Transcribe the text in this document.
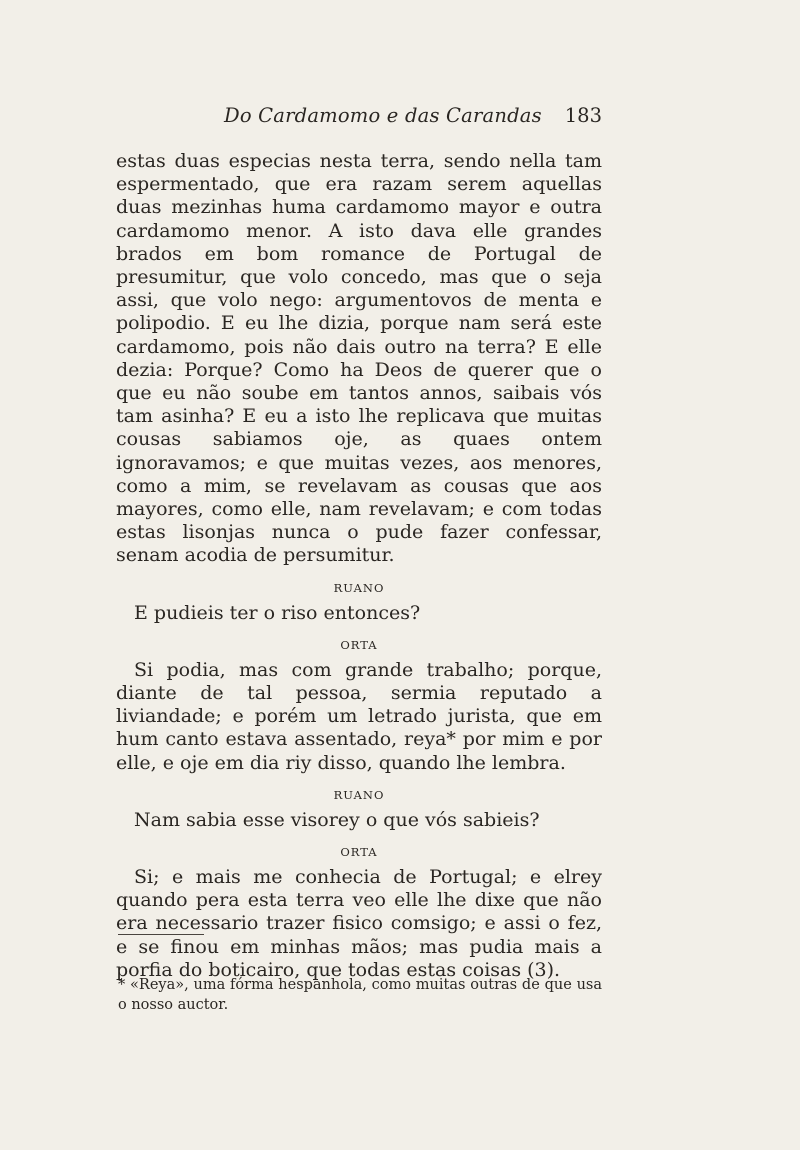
Do Cardamomo e das Carandas 183

estas duas especias nesta terra, sendo nella tam espermentado, que era razam serem aquellas duas mezinhas huma cardamomo mayor e outra cardamomo menor. A isto dava elle grandes brados em bom romance de Portugal de presumitur, que volo concedo, mas que o seja assi, que volo nego: argumentovos de menta e polipodio. E eu lhe dizia, porque nam será este cardamomo, pois não dais outro na terra? E elle dezia: Porque? Como ha Deos de querer que o que eu não soube em tantos annos, saibais vós tam asinha? E eu a isto lhe replicava que muitas cousas sabiamos oje, as quaes ontem ignoravamos; e que muitas vezes, aos menores, como a mim, se revelavam as cousas que aos mayores, como elle, nam revelavam; e com todas estas lisonjas nunca o pude fazer confessar, senam acodia de persumitur.

RUANO

E pudieis ter o riso entonces?

ORTA

Si podia, mas com grande trabalho; porque, diante de tal pessoa, sermia reputado a liviandade; e porém um letrado jurista, que em hum canto estava assentado, reya* por mim e por elle, e oje em dia riy disso, quando lhe lembra.

RUANO

Nam sabia esse visorey o que vós sabieis?

ORTA

Si; e mais me conhecia de Portugal; e elrey quando pera esta terra veo elle lhe dixe que não era necessario trazer fisico comsigo; e assi o fez, e se finou em minhas mãos; mas pudia mais a porfia do boticairo, que todas estas coisas (3).

* «Reya», uma fórma hespanhola, como muitas outras de que usa o nosso auctor.
